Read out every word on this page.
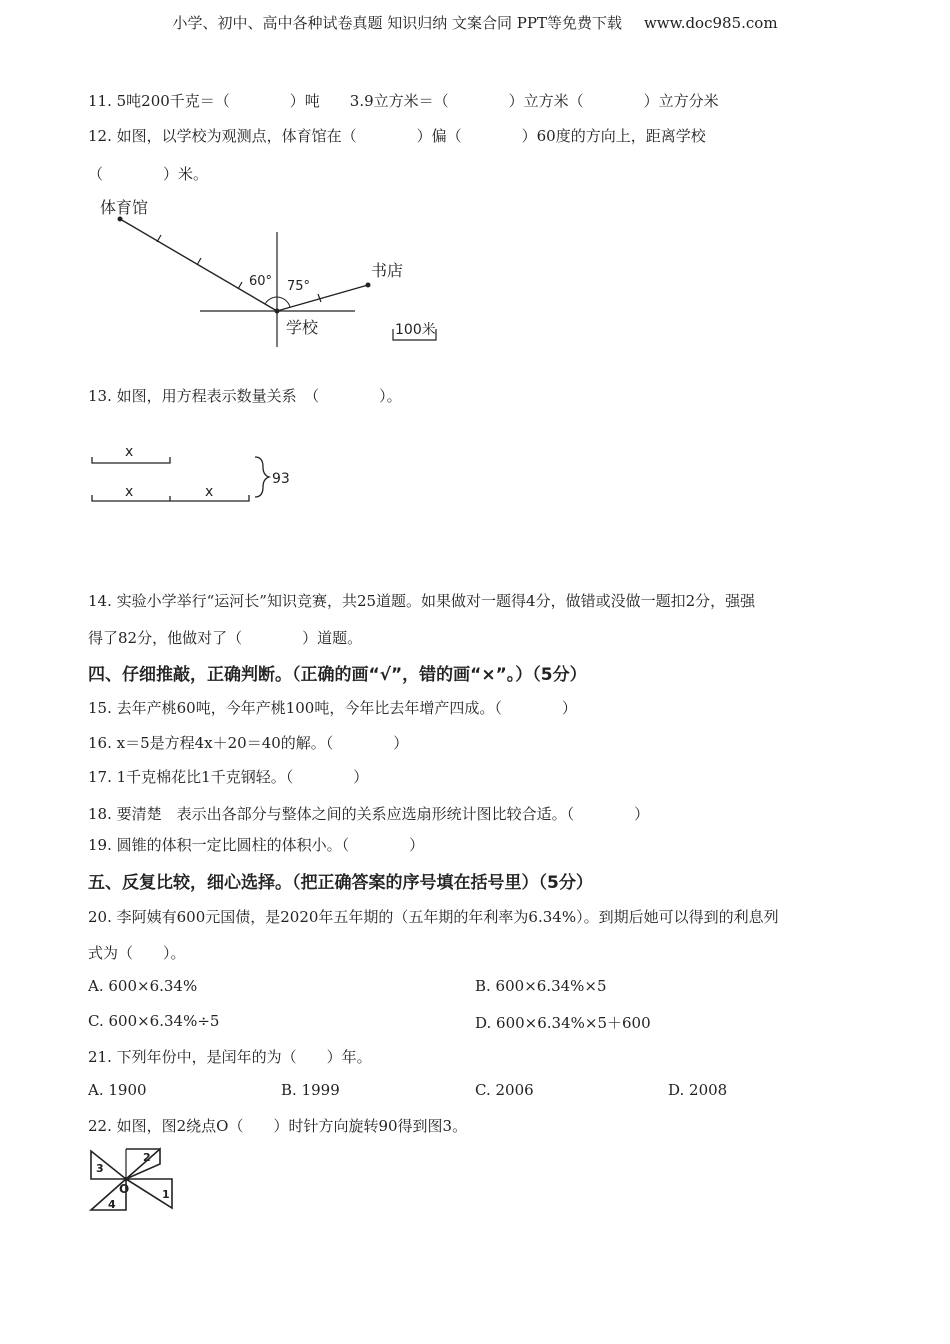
小学、初中、高中各种试卷真题 知识归纳 文案合同 PPT等免费下载 www.doc985.com
11. 5吨200千克＝（　　　　）吨　　3.9立方米＝（　　　　）立方米（　　　　）立方分米
12. 如图，以学校为观测点，体育馆在（　　　　）偏（　　　　）60度的方向上，距离学校
（　　　　）米。
体育馆
书店
学校
60° 75°
100米
13. 如图，用方程表示数量关系　（　　　　）。
x
x	x
93
14. 实验小学举行“运河长”知识竞赛，共25道题。如果做对一题得4分，做错或没做一题扣2分，强强
得了82分，他做对了（　　　　）道题。
四、仔细推敲，正确判断。（正确的画“√”，错的画“×”。）（5分）
15. 去年产桃60吨，今年产桃100吨，今年比去年增产四成。（　　　　）
16. x＝5是方程4x＋20＝40的解。（　　　　）
17. 1千克棉花比1千克钢轻。（　　　　）
18. 要清楚　表示出各部分与整体之间的关系应选扇形统计图比较合适。（　　　　）
19. 圆锥的体积一定比圆柱的体积小。（　　　　）
五、反复比较，细心选择。（把正确答案的序号填在括号里）（5分）
20. 李阿姨有600元国债，是2020年五年期的（五年期的年利率为6.34%）。到期后她可以得到的利息列
式为（　　）。
A. 600×6.34%	B. 600×6.34%×5
C. 600×6.34%÷5	D. 600×6.34%×5＋600
21. 下列年份中，是闰年的为（　　）年。
A. 1900	B. 1999	C. 2006	D. 2008
22. 如图，图2绕点O（　　）时针方向旋转90得到图3。
3
2
O	1
4
